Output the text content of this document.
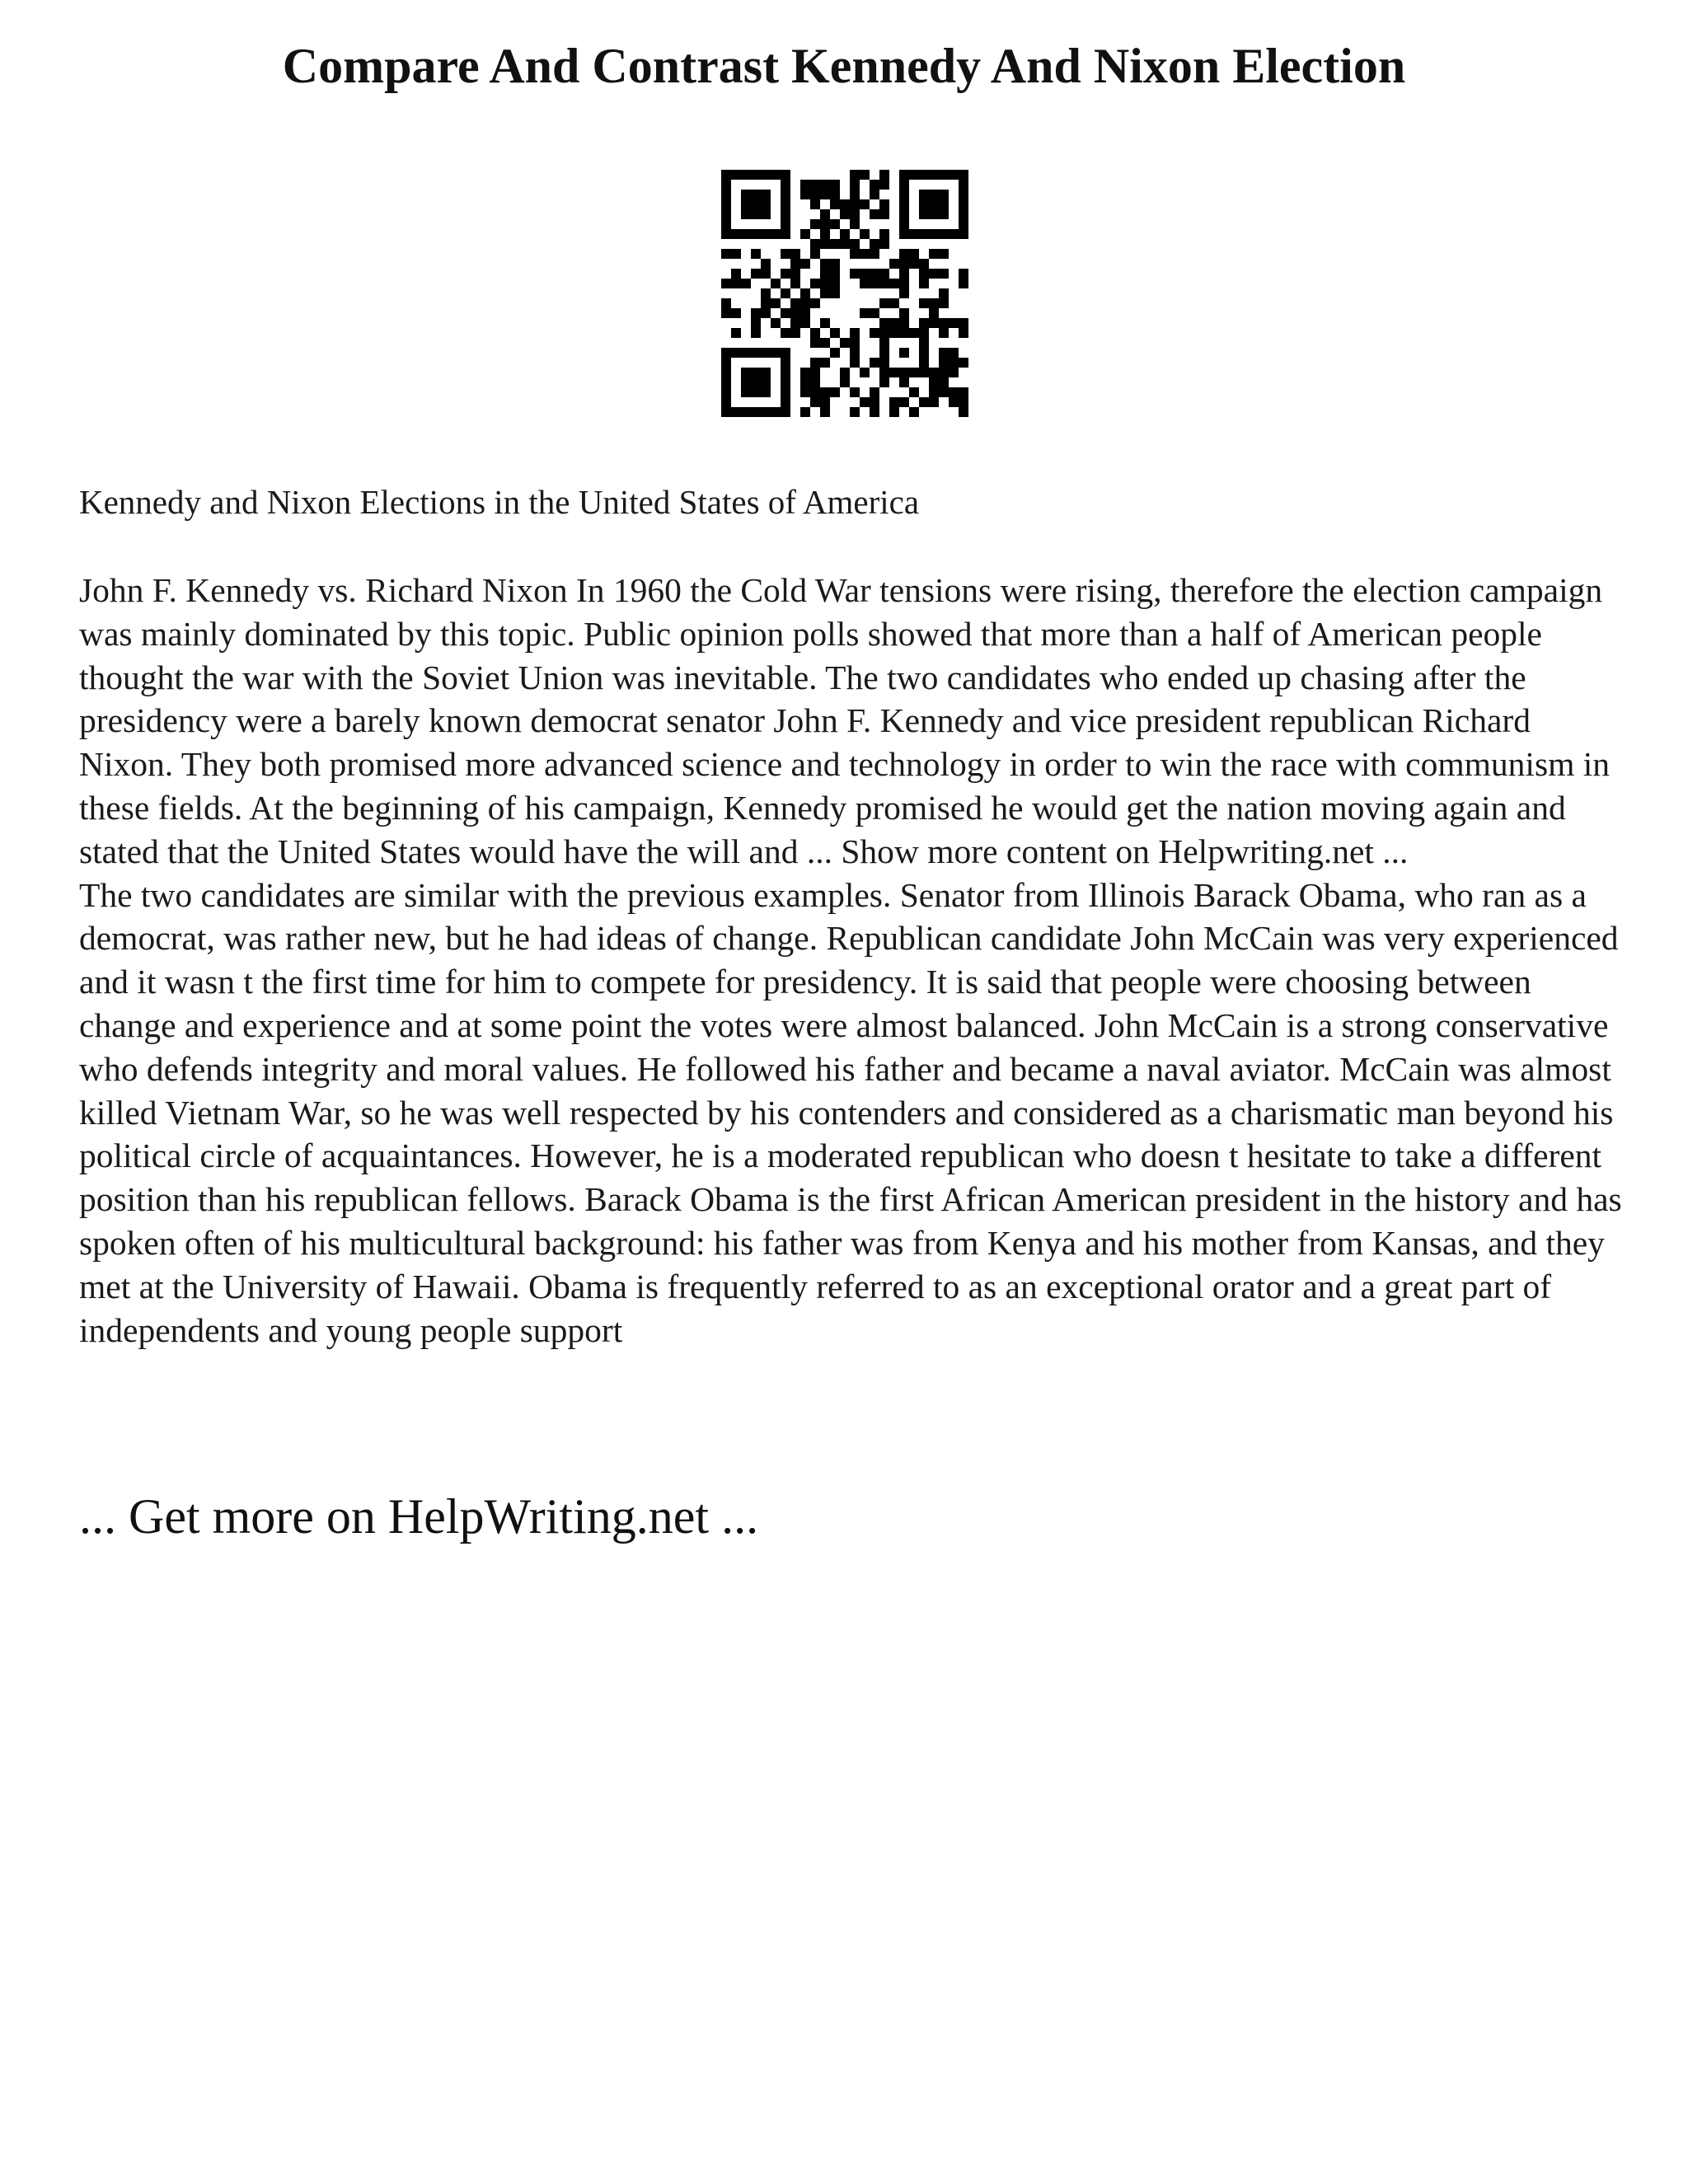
Compare And Contrast Kennedy And Nixon Election

Kennedy and Nixon Elections in the United States of America

John F. Kennedy vs. Richard Nixon In 1960 the Cold War tensions were rising, therefore the election campaign was mainly dominated by this topic. Public opinion polls showed that more than a half of American people thought the war with the Soviet Union was inevitable. The two candidates who ended up chasing after the presidency were a barely known democrat senator John F. Kennedy and vice president republican Richard Nixon. They both promised more advanced science and technology in order to win the race with communism in these fields. At the beginning of his campaign, Kennedy promised he would get the nation moving again and stated that the United States would have the will and ... Show more content on Helpwriting.net ...

The two candidates are similar with the previous examples. Senator from Illinois Barack Obama, who ran as a democrat, was rather new, but he had ideas of change. Republican candidate John McCain was very experienced and it wasn t the first time for him to compete for presidency. It is said that people were choosing between change and experience and at some point the votes were almost balanced. John McCain is a strong conservative who defends integrity and moral values. He followed his father and became a naval aviator. McCain was almost killed Vietnam War, so he was well respected by his contenders and considered as a charismatic man beyond his political circle of acquaintances. However, he is a moderated republican who doesn t hesitate to take a different position than his republican fellows. Barack Obama is the first African American president in the history and has spoken often of his multicultural background: his father was from Kenya and his mother from Kansas, and they met at the University of Hawaii. Obama is frequently referred to as an exceptional orator and a great part of independents and young people support

... Get more on HelpWriting.net ...
